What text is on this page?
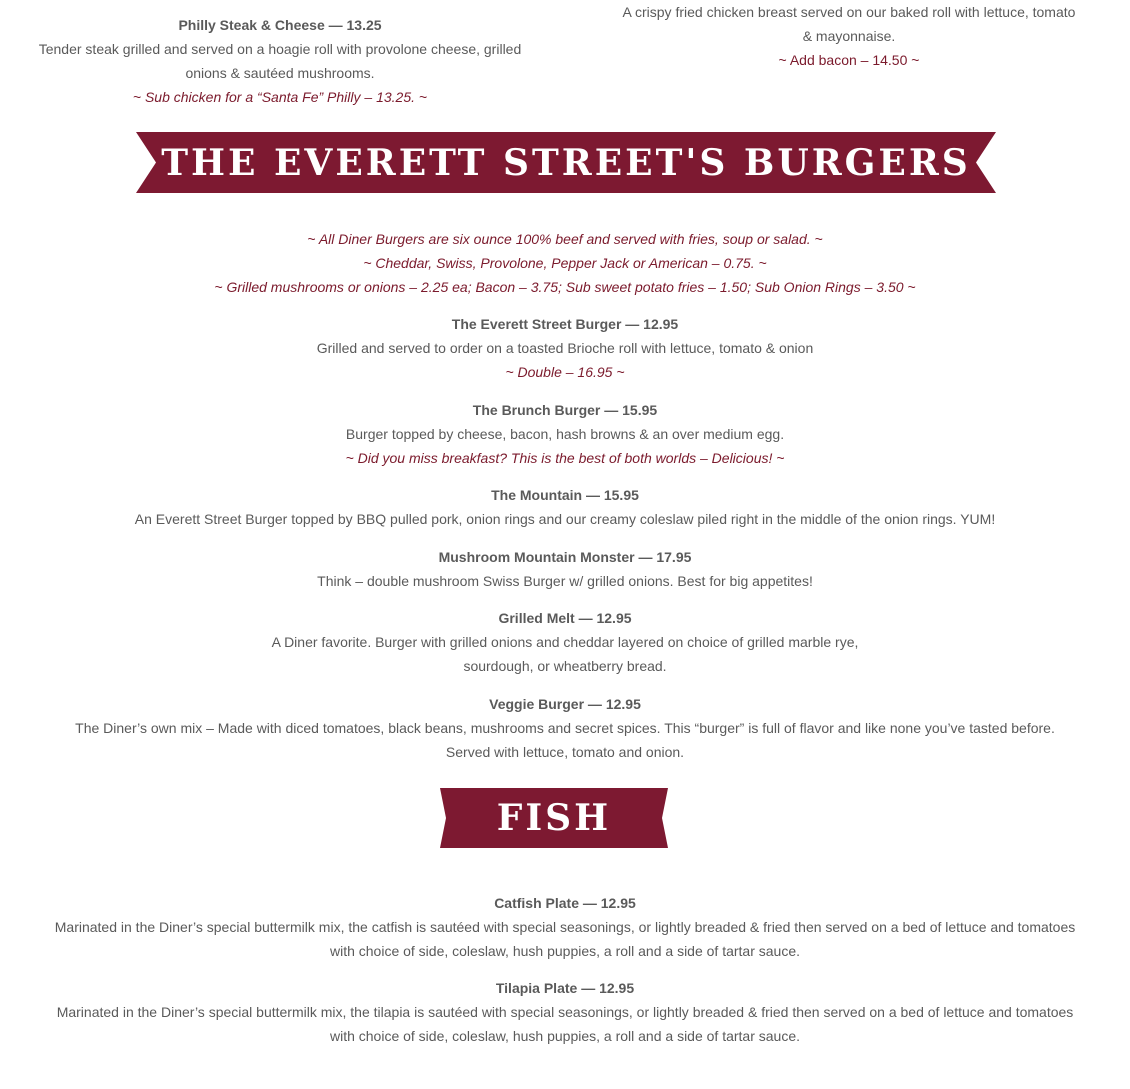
Philly Steak & Cheese — 13.25

Tender steak grilled and served on a hoagie roll with provolone cheese, grilled

onions & sautéed mushrooms.

~ Sub chicken for a “Santa Fe” Philly – 13.25. ~

A crispy fried chicken breast served on our baked roll with lettuce, tomato

& mayonnaise.

~ Add bacon – 14.50 ~

THE EVERETT STREET'S BURGERS

~ All Diner Burgers are six ounce 100% beef and served with fries, soup or salad. ~

~ Cheddar, Swiss, Provolone, Pepper Jack or American – 0.75. ~

~ Grilled mushrooms or onions – 2.25 ea; Bacon – 3.75; Sub sweet potato fries – 1.50; Sub Onion Rings – 3.50 ~

The Everett Street Burger — 12.95

Grilled and served to order on a toasted Brioche roll with lettuce, tomato & onion

~ Double – 16.95 ~

The Brunch Burger — 15.95

Burger topped by cheese, bacon, hash browns & an over medium egg.

~ Did you miss breakfast? This is the best of both worlds – Delicious! ~

The Mountain — 15.95

An Everett Street Burger topped by BBQ pulled pork, onion rings and our creamy coleslaw piled right in the middle of the onion rings. YUM!

Mushroom Mountain Monster — 17.95

Think – double mushroom Swiss Burger w/ grilled onions. Best for big appetites!

Grilled Melt — 12.95

A Diner favorite. Burger with grilled onions and cheddar layered on choice of grilled marble rye,

sourdough, or wheatberry bread.

Veggie Burger — 12.95

The Diner’s own mix – Made with diced tomatoes, black beans, mushrooms and secret spices. This “burger” is full of flavor and like none you’ve tasted before.

Served with lettuce, tomato and onion.

FISH

Catfish Plate — 12.95

Marinated in the Diner’s special buttermilk mix, the catfish is sautéed with special seasonings, or lightly breaded & fried then served on a bed of lettuce and tomatoes

with choice of side, coleslaw, hush puppies, a roll and a side of tartar sauce.

Tilapia Plate — 12.95

Marinated in the Diner’s special buttermilk mix, the tilapia is sautéed with special seasonings, or lightly breaded & fried then served on a bed of lettuce and tomatoes

with choice of side, coleslaw, hush puppies, a roll and a side of tartar sauce.
